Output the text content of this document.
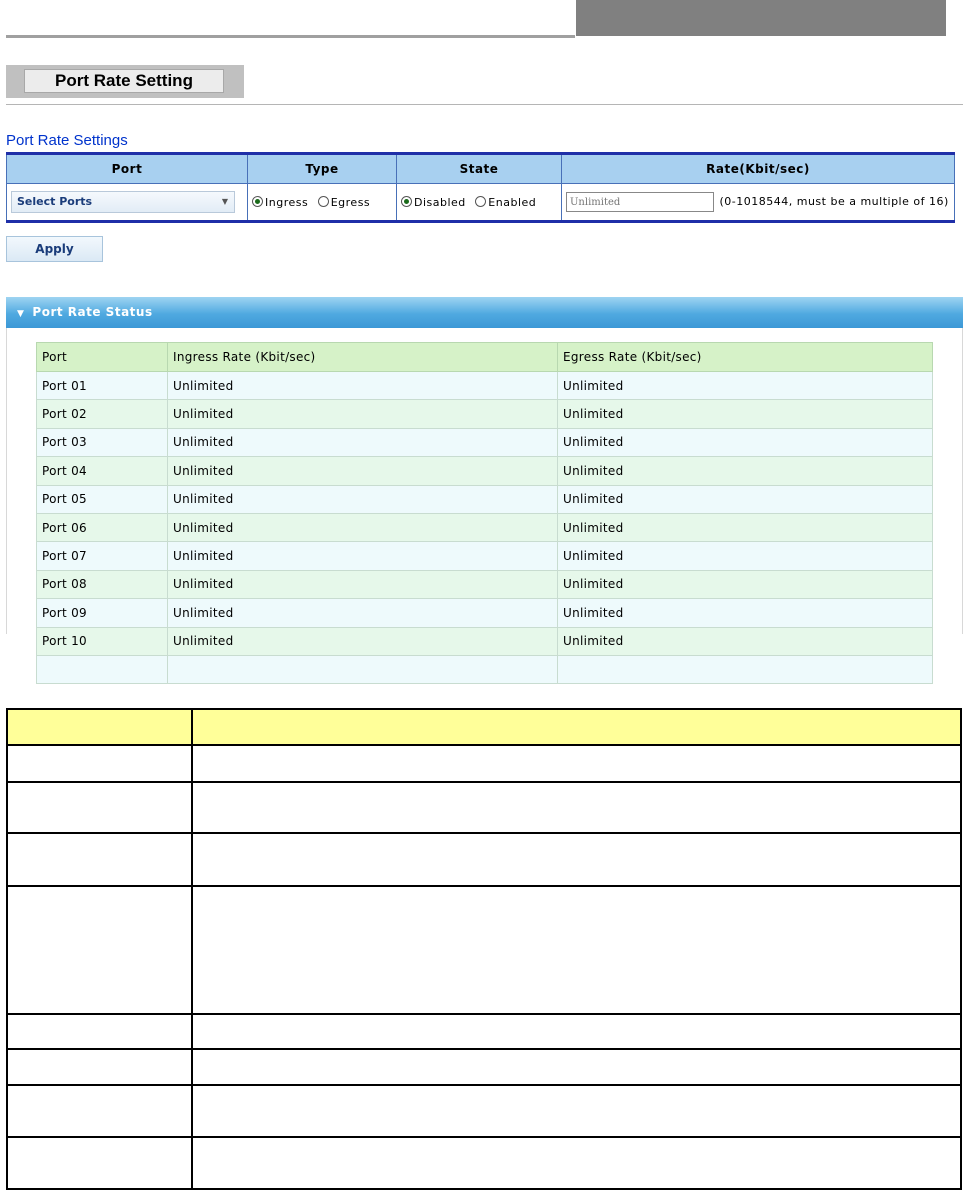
Port Rate Setting
Port Rate Settings
Port	Type	State	Rate(Kbit/sec)
Select Ports ▼	Ingress Egress	Disabled Enabled	Unlimited(0-1018544, must be a multiple of 16)
Apply
▼ Port Rate Status
Port	Ingress Rate (Kbit/sec)	Egress Rate (Kbit/sec)
Port 01	Unlimited	Unlimited
Port 02	Unlimited	Unlimited
Port 03	Unlimited	Unlimited
Port 04	Unlimited	Unlimited
Port 05	Unlimited	Unlimited
Port 06	Unlimited	Unlimited
Port 07	Unlimited	Unlimited
Port 08	Unlimited	Unlimited
Port 09	Unlimited	Unlimited
Port 10	Unlimited	Unlimited
